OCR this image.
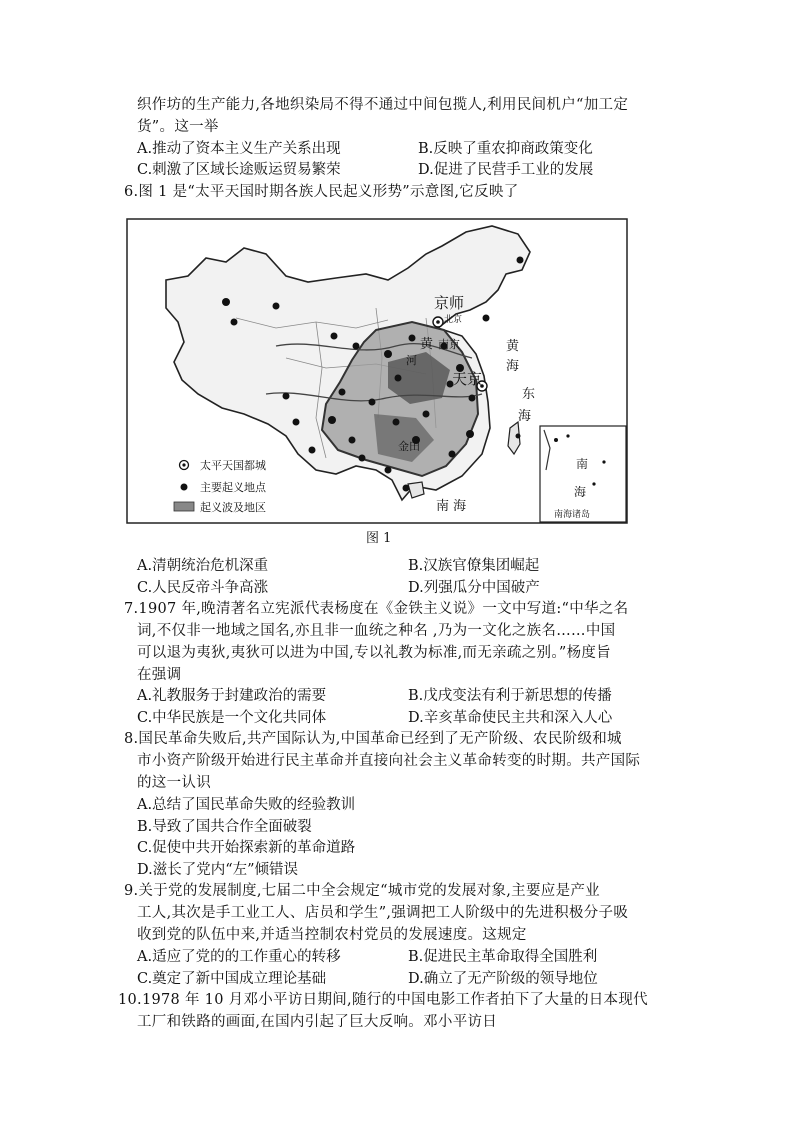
织作坊的生产能力,各地织染局不得不通过中间包揽人,利用民间机户“加工定
货”。这一举
A.推动了资本主义生产关系出现	B.反映了重农抑商政策变化
C.刺激了区域长途贩运贸易繁荣	D.促进了民营手工业的发展
6.图 1 是“太平天国时期各族人民起义形势”示意图,它反映了
京师
北京
黄 南京
河
天京
金田
黄
海
东
海
南 海
南
海
南海诸岛
太平天国都城
主要起义地点
起义波及地区
图 1
A.清朝统治危机深重	B.汉族官僚集团崛起
C.人民反帝斗争高涨	D.列强瓜分中国破产
7.1907 年,晚清著名立宪派代表杨度在《金铁主义说》一文中写道:“中华之名
词,不仅非一地域之国名,亦且非一血统之种名 ,乃为一文化之族名……中国
可以退为夷狄,夷狄可以进为中国,专以礼教为标准,而无亲疏之别。”杨度旨
在强调
A.礼教服务于封建政治的需要	B.戊戌变法有利于新思想的传播
C.中华民族是一个文化共同体	D.辛亥革命使民主共和深入人心
8.国民革命失败后,共产国际认为,中国革命已经到了无产阶级、农民阶级和城
市小资产阶级开始进行民主革命并直接向社会主义革命转变的时期。共产国际
的这一认识
A.总结了国民革命失败的经验教训
B.导致了国共合作全面破裂
C.促使中共开始探索新的革命道路
D.滋长了党内“左”倾错误
9.关于党的发展制度,七届二中全会规定“城市党的发展对象,主要应是产业
工人,其次是手工业工人、店员和学生”,强调把工人阶级中的先进积极分子吸
收到党的队伍中来,并适当控制农村党员的发展速度。这规定
A.适应了党的的工作重心的转移	B.促进民主革命取得全国胜利
C.奠定了新中国成立理论基础	D.确立了无产阶级的领导地位
10.1978 年 10 月邓小平访日期间,随行的中国电影工作者拍下了大量的日本现代
工厂和铁路的画面,在国内引起了巨大反响。邓小平访日
